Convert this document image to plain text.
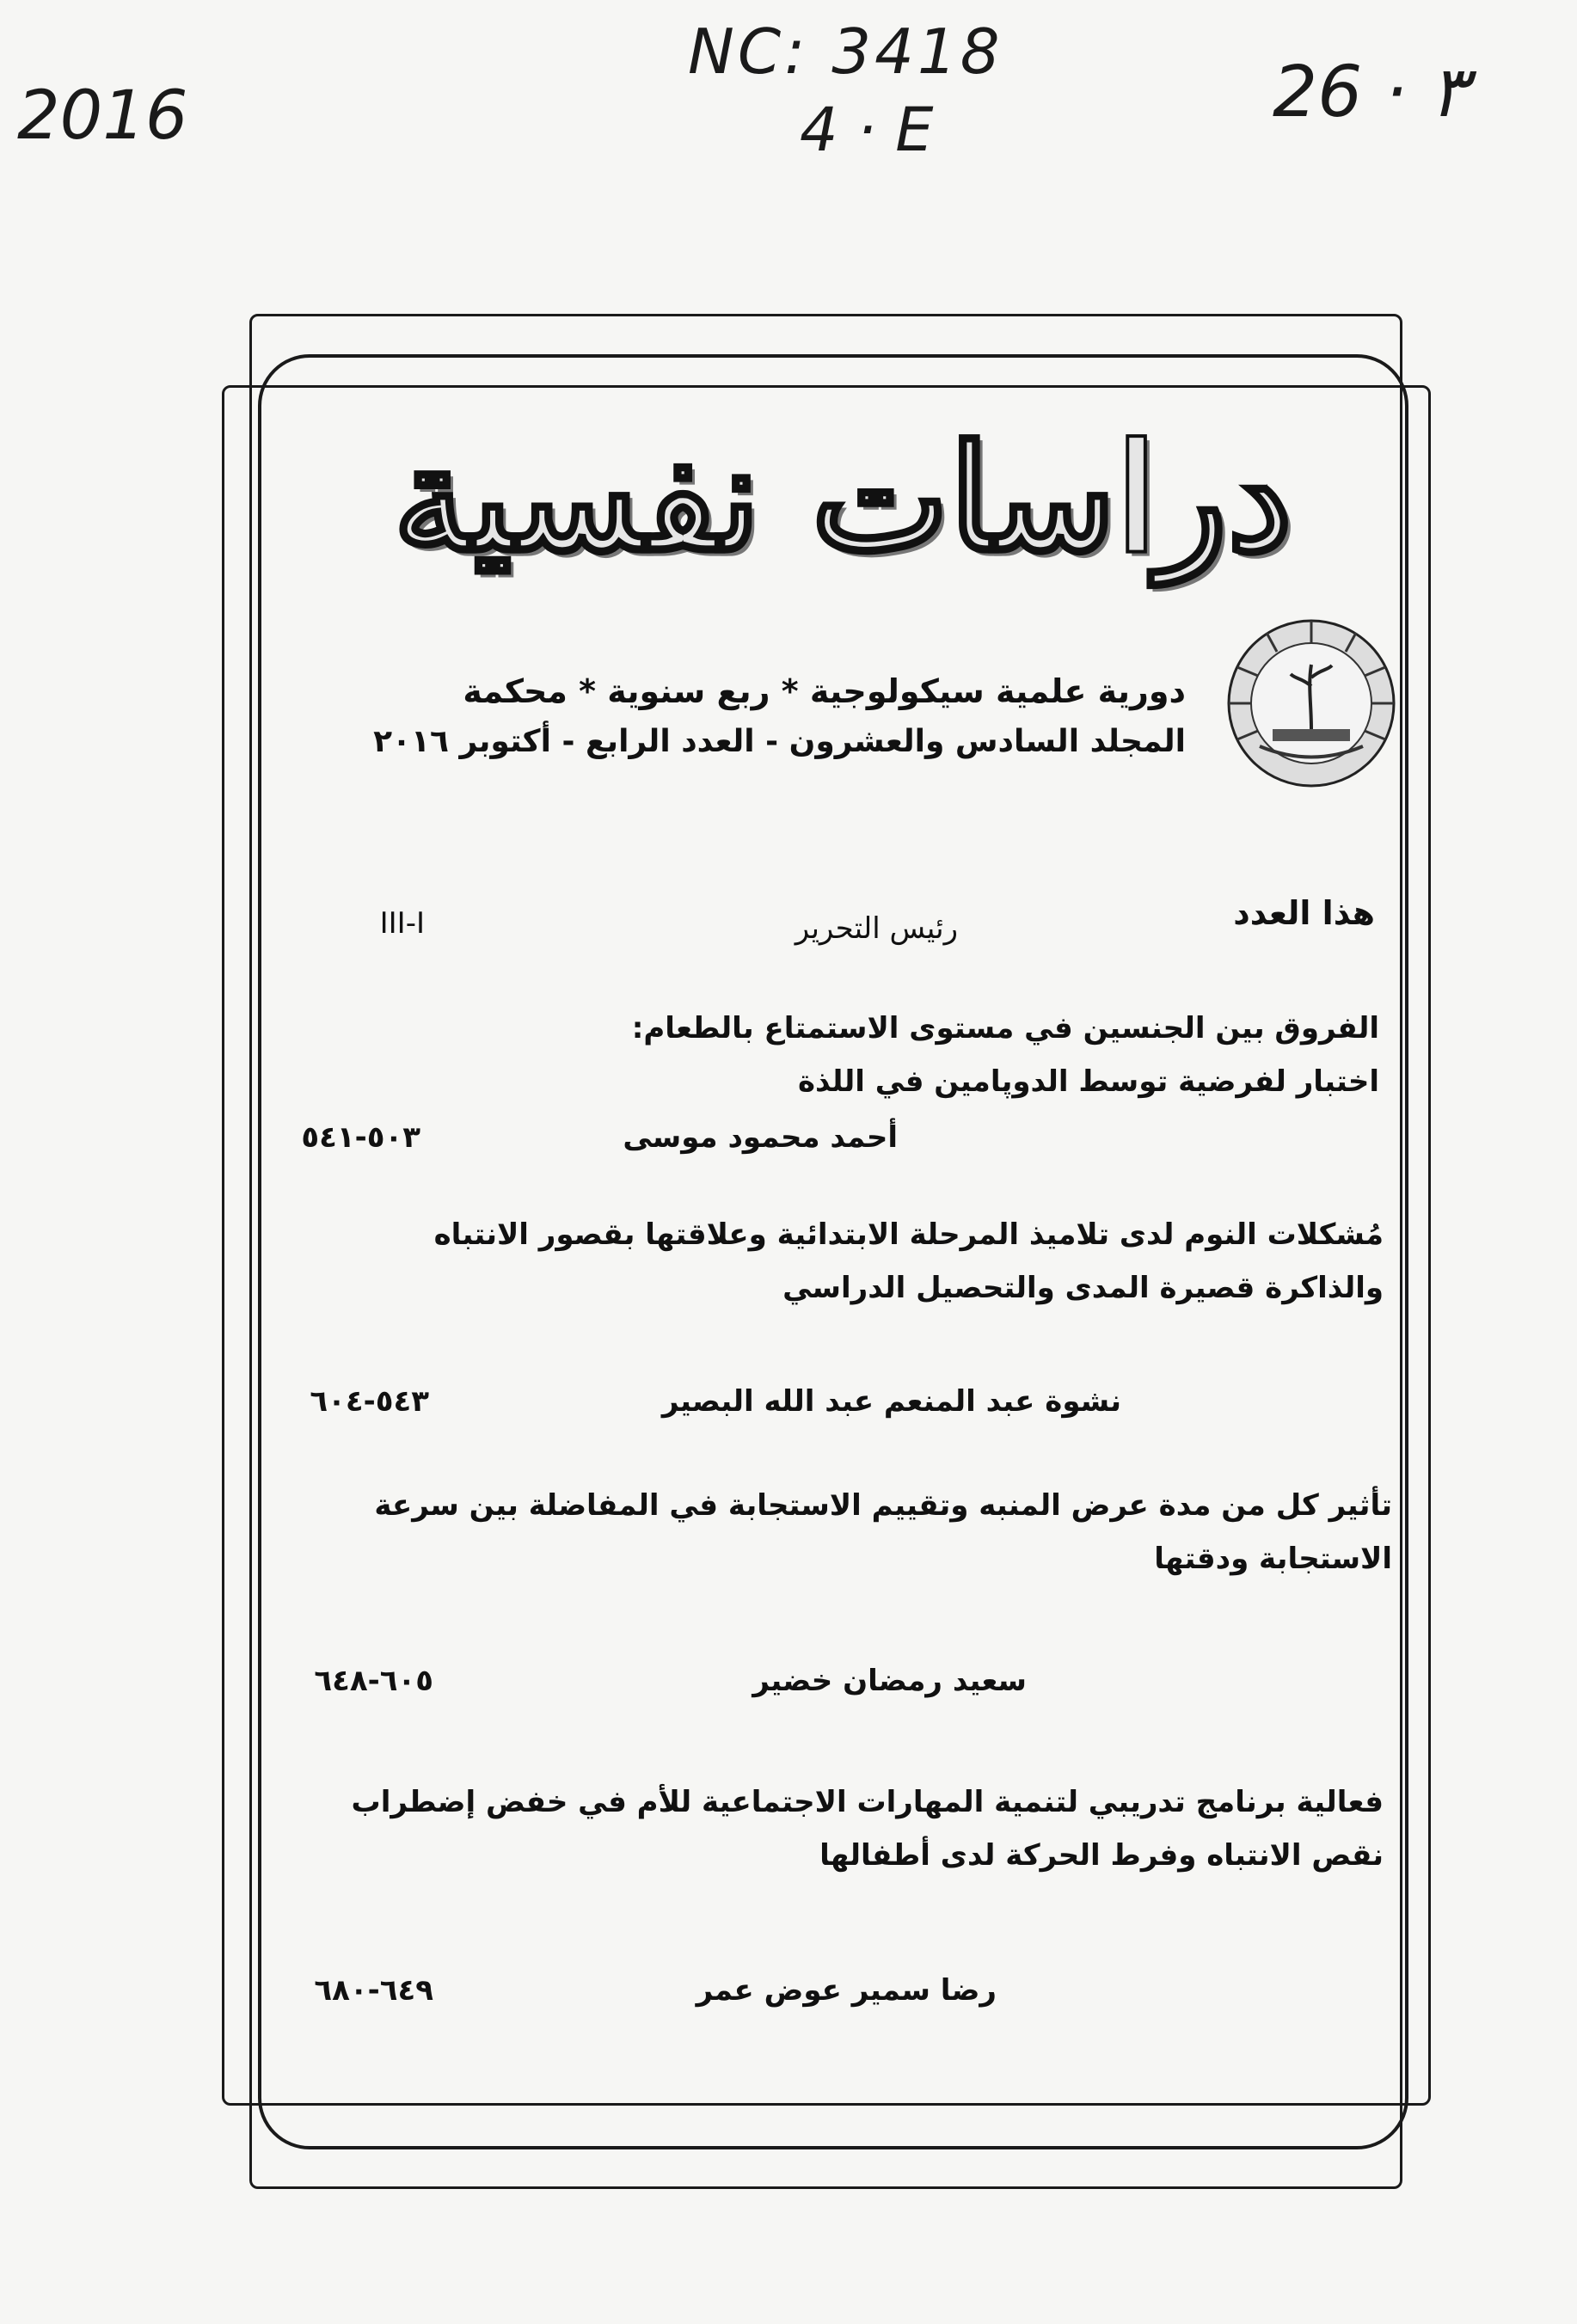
NC: 3418
4 · E
2016	26 · ٣
دراسات نفسية
دورية علمية سيكولوجية * ربع سنوية * محكمة
المجلد السادس والعشرون - العدد الرابع - أكتوبر ٢٠١٦
هذا العدد
رئيس التحرير
III-I
الفروق بين الجنسين في مستوى الاستمتاع بالطعام:
اختبار لفرضية توسط الدوپامين في اللذة
أحمد محمود موسى
٥٠٣-٥٤١
مُشكلات النوم لدى تلاميذ المرحلة الابتدائية وعلاقتها بقصور الانتباه
والذاكرة قصيرة المدى والتحصيل الدراسي
نشوة عبد المنعم عبد الله البصير
٥٤٣-٦٠٤
تأثير كل من مدة عرض المنبه وتقييم الاستجابة في المفاضلة بين سرعة
الاستجابة ودقتها
سعيد رمضان خضير
٦٠٥-٦٤٨
فعالية برنامج تدريبي لتنمية المهارات الاجتماعية للأم في خفض إضطراب
نقص الانتباه وفرط الحركة لدى أطفالها
رضا سمير عوض عمر
٦٤٩-٦٨٠
